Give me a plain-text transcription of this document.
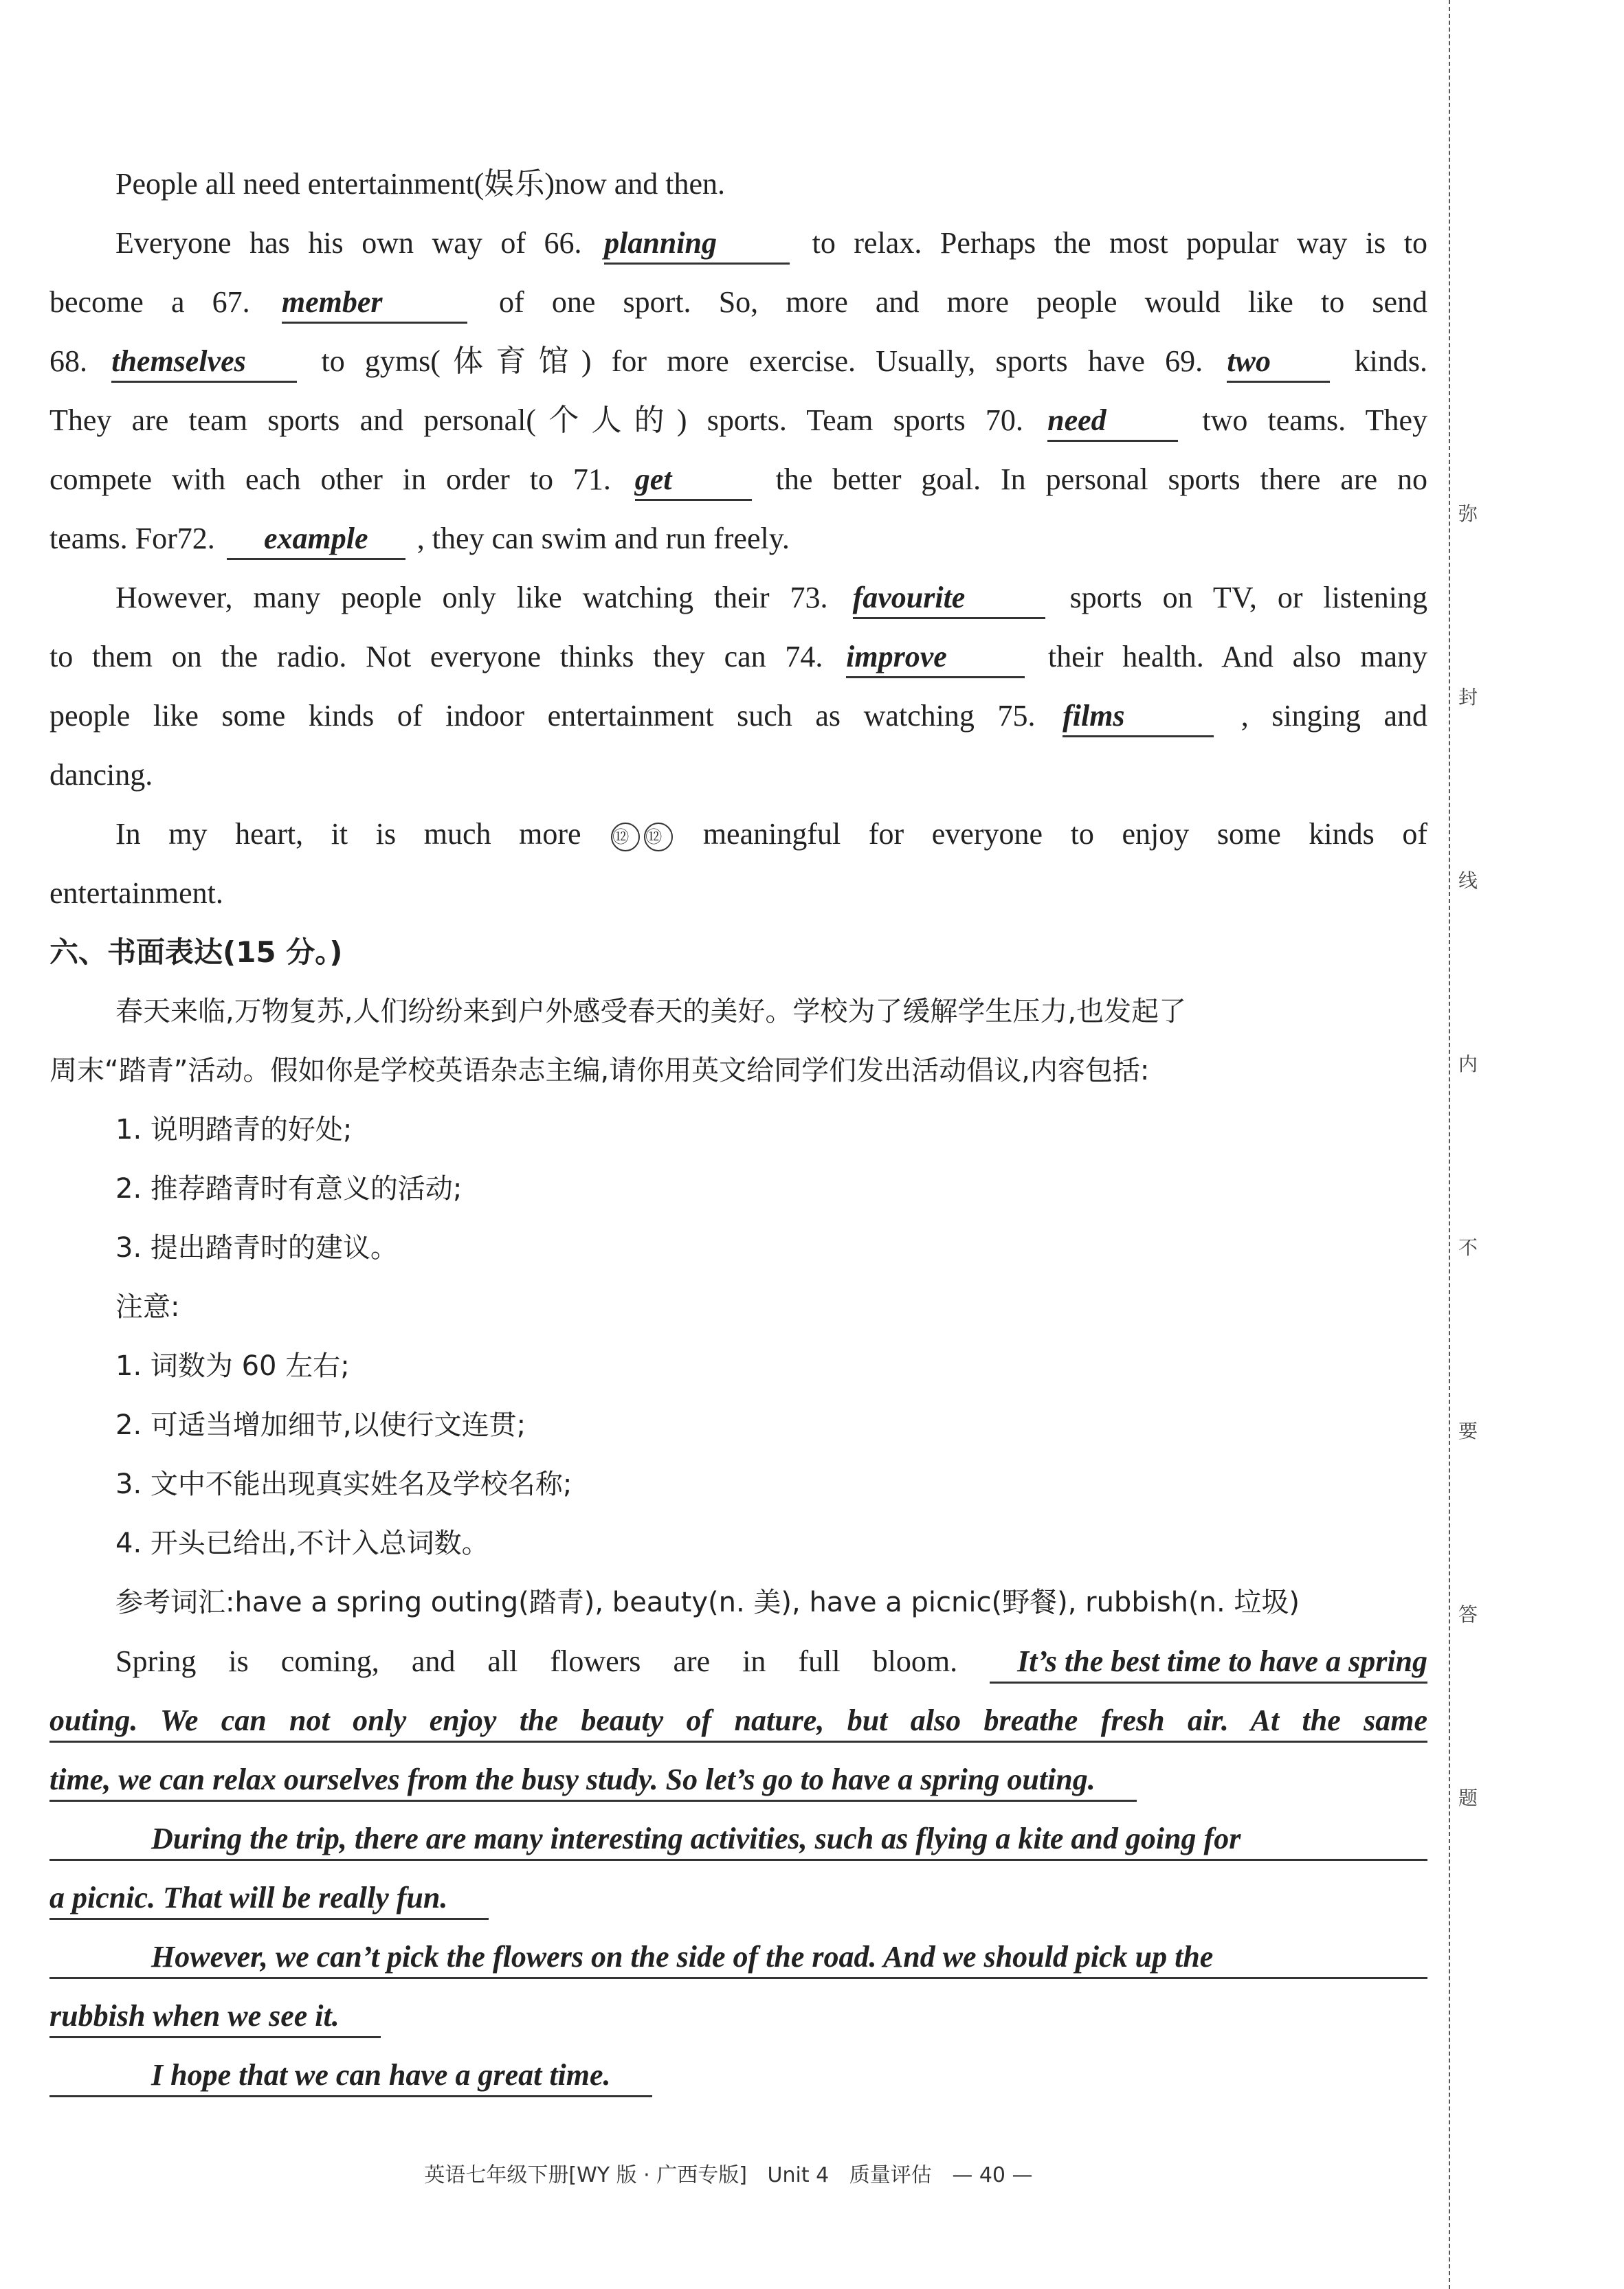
People all need entertainment(娱乐)now and then.
Everyone has his own way of 66. planning	to relax. Perhaps the most popular way is to
become a 67. member	of one sport. So, more and more people would like to send
68. themselves to gyms(体育馆) for more exercise. Usually, sports have 69. two	kinds.
They are team sports and personal(个人的) sports. Team sports 70. need	two teams. They
compete with each other in order to 71. get	the better goal. In personal sports there are no
teams. For72. example , they can swim and run freely.
However, many people only like watching their 73. favourite	sports on TV, or listening
to them on the radio. Not everyone thinks they can 74. improve	their health. And also many
people like some kinds of indoor entertainment such as watching 75. films	, singing and
dancing.
In my heart, it is much more ⑫ ⑫ meaningful for everyone to enjoy some kinds of
entertainment.
六、书面表达(15 分。)
春天来临,万物复苏,人们纷纷来到户外感受春天的美好。学校为了缓解学生压力,也发起了
周末“踏青”活动。假如你是学校英语杂志主编,请你用英文给同学们发出活动倡议,内容包括:
1. 说明踏青的好处;
2. 推荐踏青时有意义的活动;
3. 提出踏青时的建议。
注意:
1. 词数为 60 左右;
2. 可适当增加细节,以使行文连贯;
3. 文中不能出现真实姓名及学校名称;
4. 开头已给出,不计入总词数。
参考词汇:have a spring outing(踏青), beauty(n. 美), have a picnic(野餐), rubbish(n. 垃圾)
Spring is coming, and all flowers are in full bloom. It’s the best time to have a spring
outing. We can not only enjoy the beauty of nature, but also breathe fresh air. At the same
time, we can relax ourselves from the busy study. So let’s go to have a spring outing.
During the trip, there are many interesting activities, such as flying a kite and going for
a picnic. That will be really fun.
However, we can’t pick the flowers on the side of the road. And we should pick up the
rubbish when we see it.
I hope that we can have a great time.
英语七年级下册[WY 版 · 广西专版] Unit 4 质量评估 — 40 —
弥
封
线
内
不
要
答
题
